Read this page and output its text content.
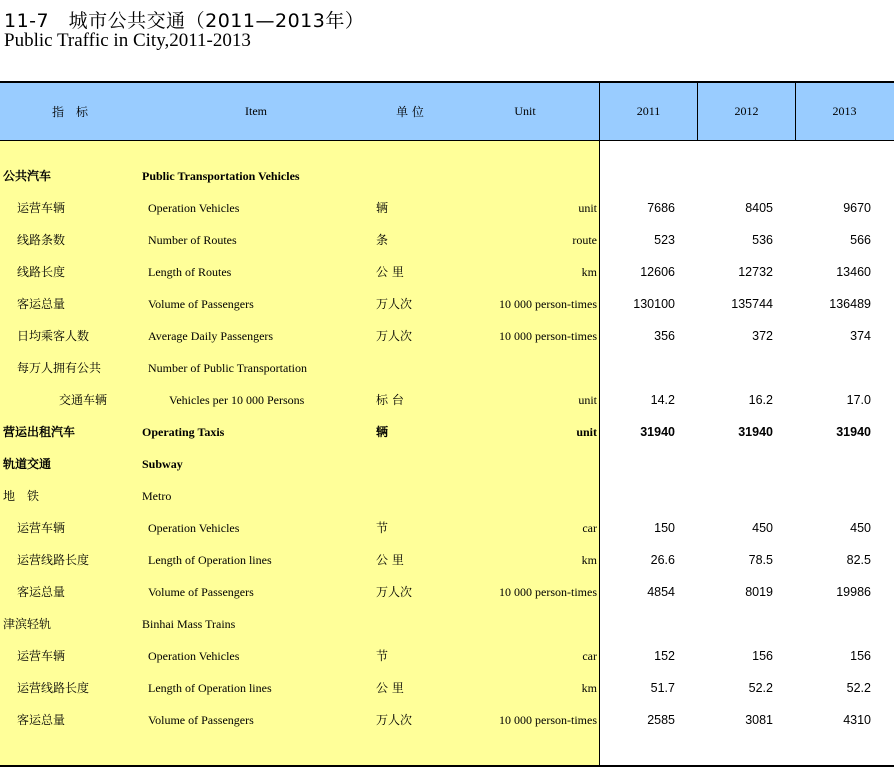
11-7　城市公共交通（2011—2013年）
Public Traffic in City,2011-2013
指　标	Item	单 位	Unit	2011	2012	2013
公共汽车	Public Transportation Vehicles
运营车辆	Operation Vehicles	辆	unit	7686	8405	9670
线路条数	Number of Routes	条	route	523	536	566
线路长度	Length of Routes	公 里	km	12606	12732	13460
客运总量	Volume of Passengers	万人次	10 000 person-times	130100	135744	136489
日均乘客人数	Average Daily Passengers	万人次	10 000 person-times	356	372	374
每万人拥有公共	Number of Public Transportation
交通车辆	Vehicles per 10 000 Persons	标 台	unit	14.2	16.2	17.0
营运出租汽车	Operating Taxis	辆	unit	31940	31940	31940
轨道交通	Subway
地　铁	Metro
运营车辆	Operation Vehicles	节	car	150	450	450
运营线路长度	Length of Operation lines	公 里	km	26.6	78.5	82.5
客运总量	Volume of Passengers	万人次	10 000 person-times	4854	8019	19986
津滨轻轨	Binhai Mass Trains
运营车辆	Operation Vehicles	节	car	152	156	156
运营线路长度	Length of Operation lines	公 里	km	51.7	52.2	52.2
客运总量	Volume of Passengers	万人次	10 000 person-times	2585	3081	4310
